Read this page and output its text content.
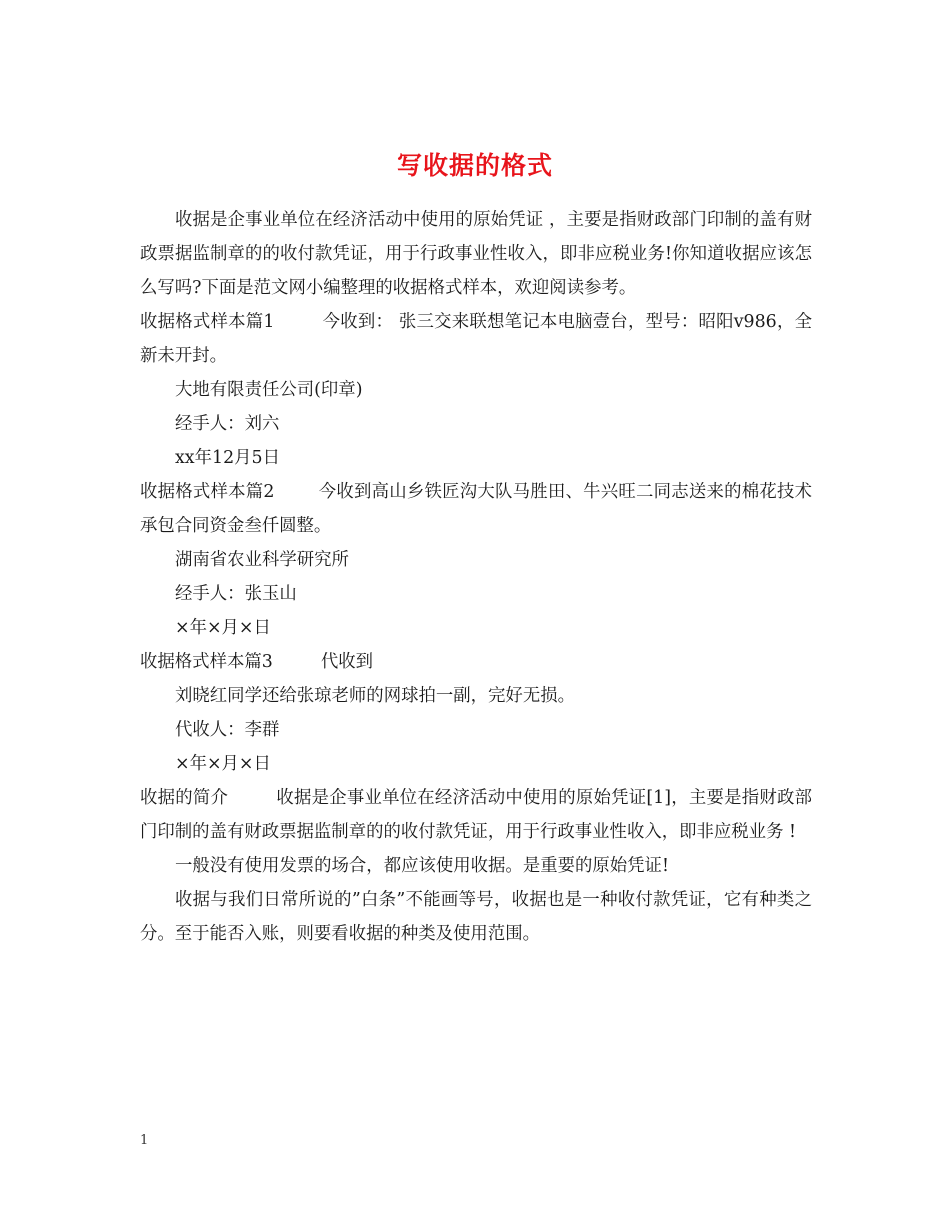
写收据的格式

收据是企事业单位在经济活动中使用的原始凭证 ，主要是指财政部门印制的盖有财政票据监制章的的收付款凭证，用于行政事业性收入，即非应税业务!你知道收据应该怎么写吗?下面是范文网小编整理的收据格式样本，欢迎阅读参考。

收据格式样本篇1	今收到： 张三交来联想笔记本电脑壹台，型号：昭阳v986，全新未开封。

大地有限责任公司(印章)

经手人：刘六

xx年12月5日

收据格式样本篇2	今收到高山乡铁匠沟大队马胜田、牛兴旺二同志送来的棉花技术承包合同资金叁仟圆整。

湖南省农业科学研究所

经手人：张玉山

×年×月×日

收据格式样本篇3	代收到

刘晓红同学还给张琼老师的网球拍一副，完好无损。

代收人：李群

×年×月×日

收据的简介	收据是企事业单位在经济活动中使用的原始凭证[1]，主要是指财政部门印制的盖有财政票据监制章的的收付款凭证，用于行政事业性收入，即非应税业务 !

一般没有使用发票的场合，都应该使用收据。是重要的原始凭证!

收据与我们日常所说的”白条”不能画等号，收据也是一种收付款凭证，它有种类之分。至于能否入账，则要看收据的种类及使用范围。

1
